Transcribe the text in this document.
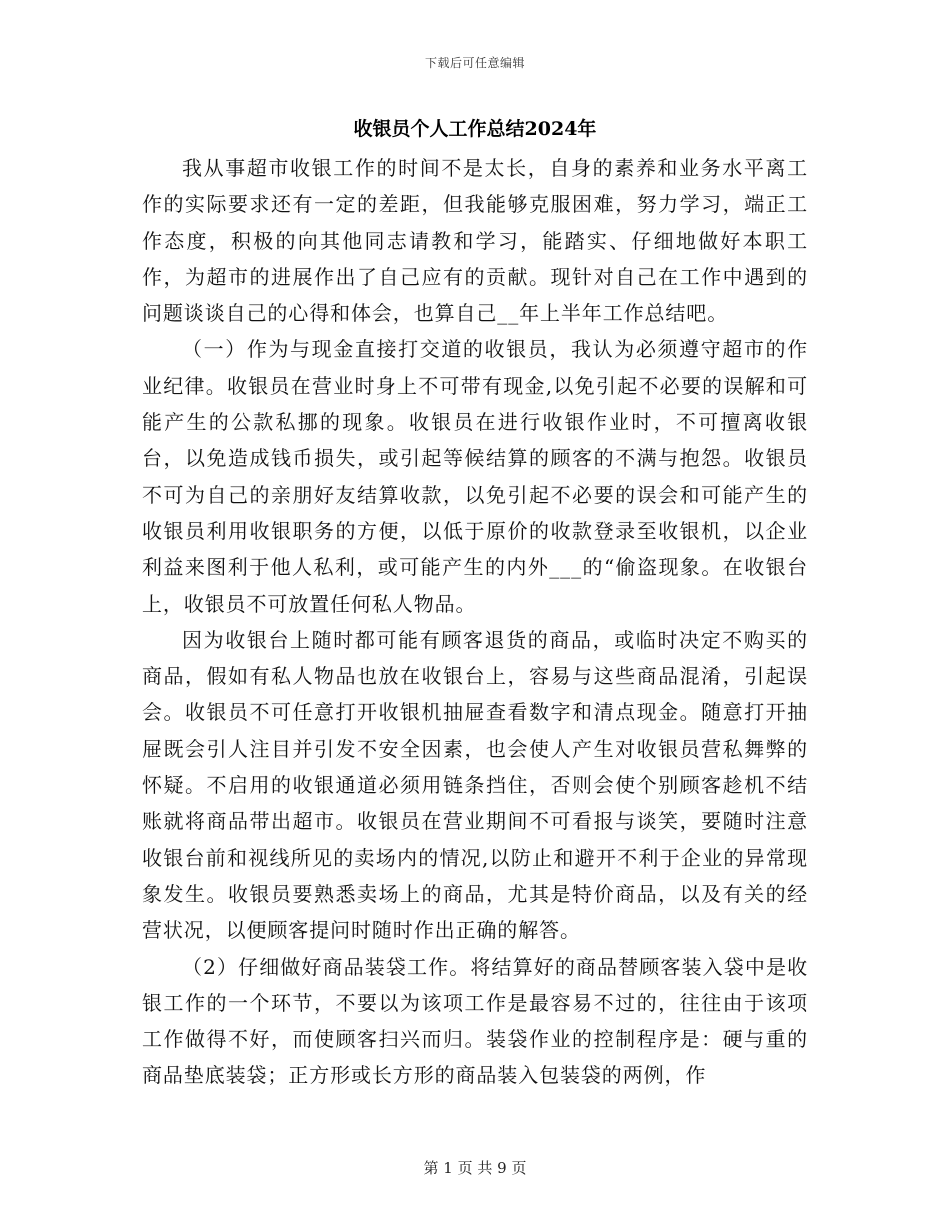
下载后可任意编辑
收银员个人工作总结2024年

我从事超市收银工作的时间不是太长，自身的素养和业务水平离工作的实际要求还有一定的差距，但我能够克服困难，努力学习，端正工作态度，积极的向其他同志请教和学习，能踏实、仔细地做好本职工作，为超市的进展作出了自己应有的贡献。现针对自己在工作中遇到的问题谈谈自己的心得和体会，也算自己__年上半年工作总结吧。

（一）作为与现金直接打交道的收银员，我认为必须遵守超市的作业纪律。收银员在营业时身上不可带有现金,以免引起不必要的误解和可能产生的公款私挪的现象。收银员在进行收银作业时，不可擅离收银台，以免造成钱币损失，或引起等候结算的顾客的不满与抱怨。收银员不可为自己的亲朋好友结算收款，以免引起不必要的误会和可能产生的收银员利用收银职务的方便，以低于原价的收款登录至收银机，以企业利益来图利于他人私利，或可能产生的内外___的“偷盗现象。在收银台上，收银员不可放置任何私人物品。

因为收银台上随时都可能有顾客退货的商品，或临时决定不购买的商品，假如有私人物品也放在收银台上，容易与这些商品混淆，引起误会。收银员不可任意打开收银机抽屉查看数字和清点现金。随意打开抽屉既会引人注目并引发不安全因素，也会使人产生对收银员营私舞弊的怀疑。不启用的收银通道必须用链条挡住，否则会使个别顾客趁机不结账就将商品带出超市。收银员在营业期间不可看报与谈笑，要随时注意收银台前和视线所见的卖场内的情况,以防止和避开不利于企业的异常现象发生。收银员要熟悉卖场上的商品，尤其是特价商品，以及有关的经营状况，以便顾客提问时随时作出正确的解答。

（2）仔细做好商品装袋工作。将结算好的商品替顾客装入袋中是收银工作的一个环节，不要以为该项工作是最容易不过的，往往由于该项工作做得不好，而使顾客扫兴而归。装袋作业的控制程序是：硬与重的商品垫底装袋；正方形或长方形的商品装入包装袋的两例，作

第 1 页 共 9 页
